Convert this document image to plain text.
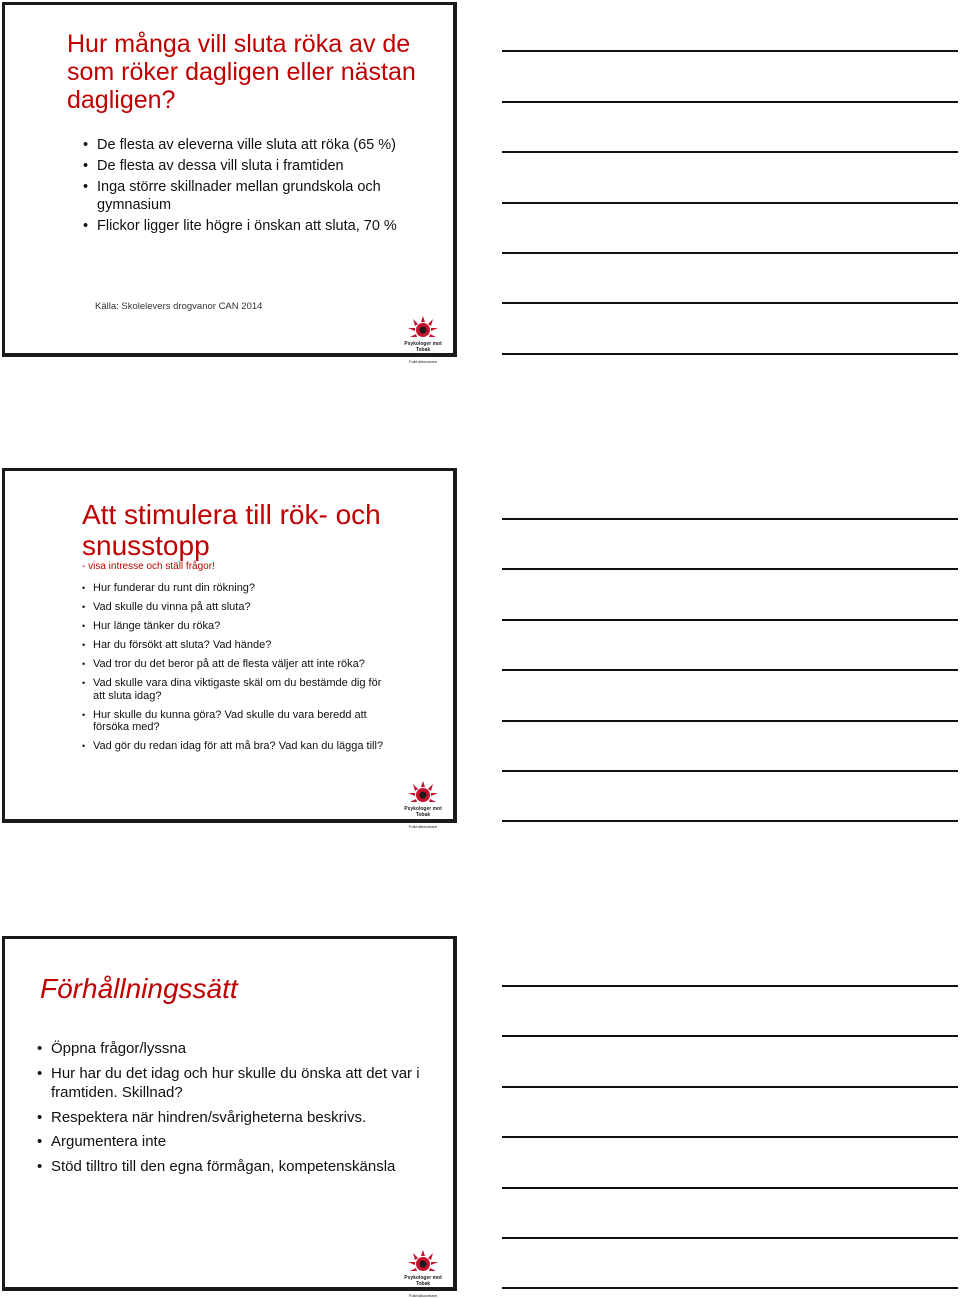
Hur många vill sluta röka av de som röker dagligen eller nästan dagligen?
• De flesta av eleverna ville sluta att röka (65 %)
• De flesta av dessa vill sluta i framtiden
• Inga större skillnader mellan grundskola och gymnasium
• Flickor ligger lite högre i önskan att sluta, 70 %
Källa: Skolelevers drogvanor CAN 2014
Psykologer mot Tobak
Sociosomer & Folkhälsovetare
Att stimulera till rök- och snusstopp
- visa intresse och ställ frågor!
• Hur funderar du runt din rökning?
• Vad skulle du vinna på att sluta?
• Hur länge tänker du röka?
• Har du försökt att sluta? Vad hände?
• Vad tror du det beror på att de flesta väljer att inte röka?
• Vad skulle vara dina viktigaste skäl om du bestämde dig för att sluta idag?
• Hur skulle du kunna göra? Vad skulle du vara beredd att försöka med?
• Vad gör du redan idag för att må bra? Vad kan du lägga till?
Psykologer mot Tobak
Sociosomer & Folkhälsovetare
Förhållningssätt
• Öppna frågor/lyssna
• Hur har du det idag och hur skulle du önska att det var i framtiden. Skillnad?
• Respektera när hindren/svårigheterna beskrivs.
• Argumentera inte
• Stöd tilltro till den egna förmågan, kompetenskänsla
Psykologer mot Tobak
Sociosomer & Folkhälsovetare
